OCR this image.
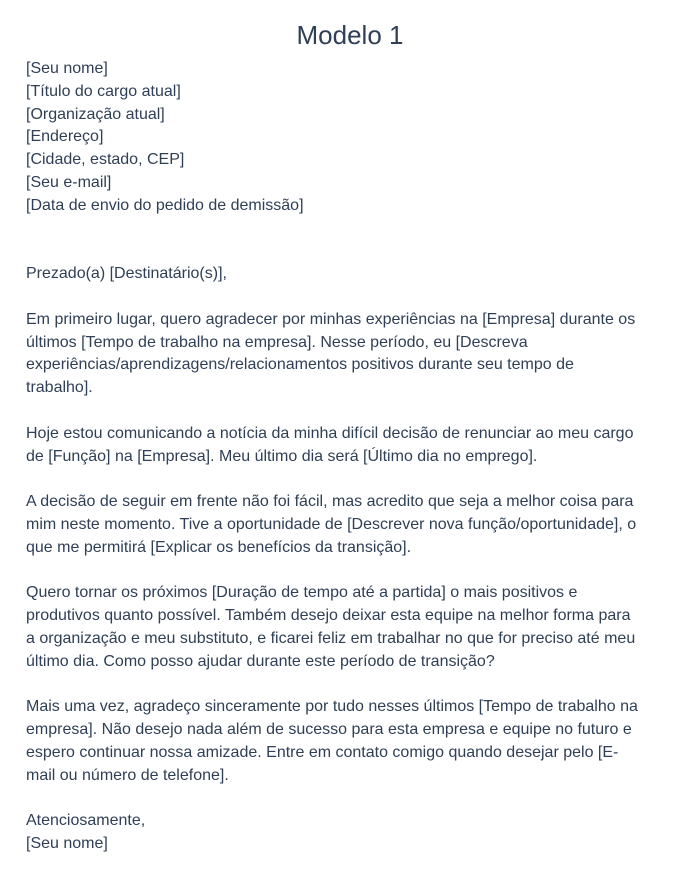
Modelo 1
[Seu nome]
[Título do cargo atual]
[Organização atual]
[Endereço]
[Cidade, estado, CEP]
[Seu e-mail]
[Data de envio do pedido de demissão]
Prezado(a) [Destinatário(s)],
Em primeiro lugar, quero agradecer por minhas experiências na [Empresa] durante os
últimos [Tempo de trabalho na empresa]. Nesse período, eu [Descreva
experiências/aprendizagens/relacionamentos positivos durante seu tempo de
trabalho].
Hoje estou comunicando a notícia da minha difícil decisão de renunciar ao meu cargo
de [Função] na [Empresa]. Meu último dia será [Último dia no emprego].
A decisão de seguir em frente não foi fácil, mas acredito que seja a melhor coisa para
mim neste momento. Tive a oportunidade de [Descrever nova função/oportunidade], o
que me permitirá [Explicar os benefícios da transição].
Quero tornar os próximos [Duração de tempo até a partida] o mais positivos e
produtivos quanto possível. Também desejo deixar esta equipe na melhor forma para
a organização e meu substituto, e ficarei feliz em trabalhar no que for preciso até meu
último dia. Como posso ajudar durante este período de transição?
Mais uma vez, agradeço sinceramente por tudo nesses últimos [Tempo de trabalho na
empresa]. Não desejo nada além de sucesso para esta empresa e equipe no futuro e
espero continuar nossa amizade. Entre em contato comigo quando desejar pelo [E-
mail ou número de telefone].
Atenciosamente,
[Seu nome]
